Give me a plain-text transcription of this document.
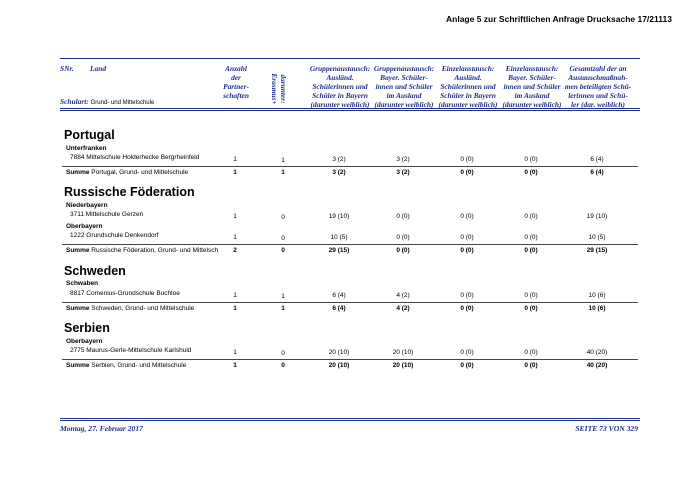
Anlage 5 zur Schriftlichen Anfrage Drucksache 17/21113
SNr. Land
Schulart: Grund- und Mittelschule
Anzahl
der
Partner-
schaften	darunter:
Erasmus+
Gruppenaustausch:
Ausländ.
Schülerinnen und
Schüler in Bayern
(darunter weiblich)
Gruppenaustausch:
Bayer. Schüler-
innen und Schüler
im Ausland
(darunter weiblich)
Einzelaustausch:
Ausländ.
Schülerinnen und
Schüler in Bayern
(darunter weiblich)
Einzelaustausch:
Bayer. Schüler-
innen und Schüler
im Ausland
(darunter weiblich)
Gesamtzahl der an
Austauschmaßnah-
men beteiligten Schü-
lerinnen und Schü-
ler (dar. weiblich)
Portugal
Unterfranken
7884 Mittelschule Holderhecke Bergrheinfeld	1	1	3 (2)	3 (2)	0 (0)	0 (0)	6 (4)
Summe Portugal, Grund- und Mittelschule	1	1	3 (2)	3 (2)	0 (0)	0 (0)	6 (4)
Russische Föderation
Niederbayern
3711 Mittelschule Gerzen	1	0	19 (10)	0 (0)	0 (0)	0 (0)	19 (10)
Oberbayern
1222 Grundschule Denkendorf	1	0	10 (5)	0 (0)	0 (0)	0 (0)	10 (5)
Summe Russische Föderation, Grund- und Mittelsch	2	0	29 (15)	0 (0)	0 (0)	0 (0)	29 (15)
Schweden
Schwaben
8817 Comenius-Grundschule Buchloe	1	1	6 (4)	4 (2)	0 (0)	0 (0)	10 (6)
Summe Schweden, Grund- und Mittelschule	1	1	6 (4)	4 (2)	0 (0)	0 (0)	10 (6)
Serbien
Oberbayern
2775 Maurus-Gerle-Mittelschule Karlshuld	1	0	20 (10)	20 (10)	0 (0)	0 (0)	40 (20)
Summe Serbien, Grund- und Mittelschule	1	0	20 (10)	20 (10)	0 (0)	0 (0)	40 (20)
Montag, 27. Februar 2017	SEITE 73 VON 329
